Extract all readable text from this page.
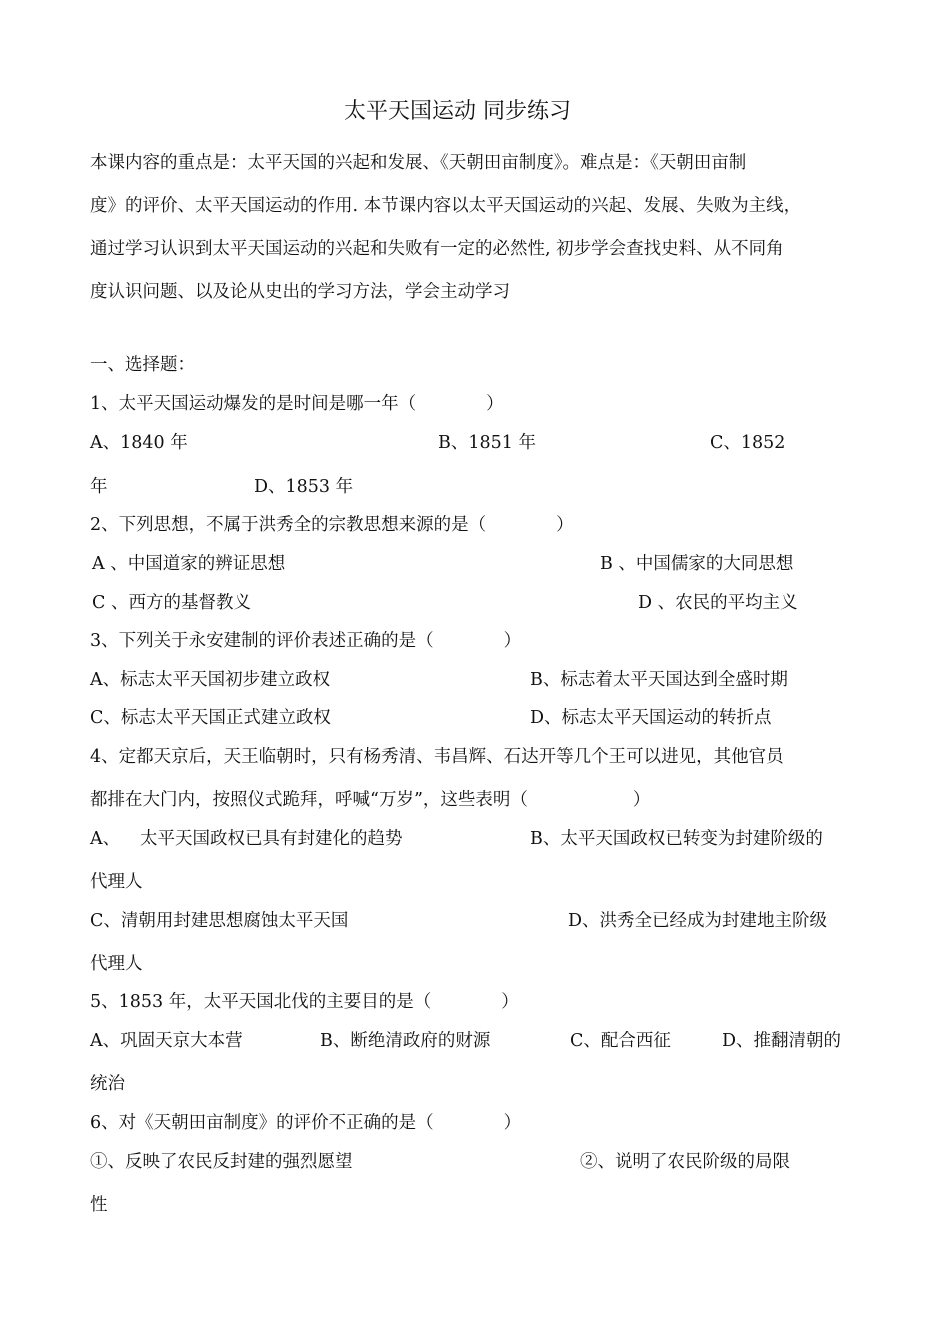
太平天国运动 同步练习
本课内容的重点是：太平天国的兴起和发展、《天朝田亩制度》。难点是：《天朝田亩制
度》的评价、太平天国运动的作用. 本节课内容以太平天国运动的兴起、发展、失败为主线，
通过学习认识到太平天国运动的兴起和失败有一定的必然性, 初步学会查找史料、从不同角
度认识问题、以及论从史出的学习方法，学会主动学习
一、选择题：
1、太平天国运动爆发的是时间是哪一年（　　　　）
A、1840 年	B、1851 年	C、1852
年	D、1853 年
2、下列思想，不属于洪秀全的宗教思想来源的是（　　　　）
A 、中国道家的辨证思想	B 、中国儒家的大同思想
C 、西方的基督教义	D 、农民的平均主义
3、下列关于永安建制的评价表述正确的是（　　　　）
A、标志太平天国初步建立政权	B、标志着太平天国达到全盛时期
C、标志太平天国正式建立政权	D、标志太平天国运动的转折点
4、定都天京后，天王临朝时，只有杨秀清、韦昌辉、石达开等几个王可以进见，其他官员
都排在大门内，按照仪式跪拜，呼喊“万岁”，这些表明（　　　　　　）
A、 太平天国政权已具有封建化的趋势	B、太平天国政权已转变为封建阶级的
代理人
C、清朝用封建思想腐蚀太平天国	D、洪秀全已经成为封建地主阶级
代理人
5、1853 年，太平天国北伐的主要目的是（　　　　）
A、巩固天京大本营	B、断绝清政府的财源	C、配合西征	D、推翻清朝的
统治
6、对《天朝田亩制度》的评价不正确的是（　　　　）
①、反映了农民反封建的强烈愿望	②、说明了农民阶级的局限
性
